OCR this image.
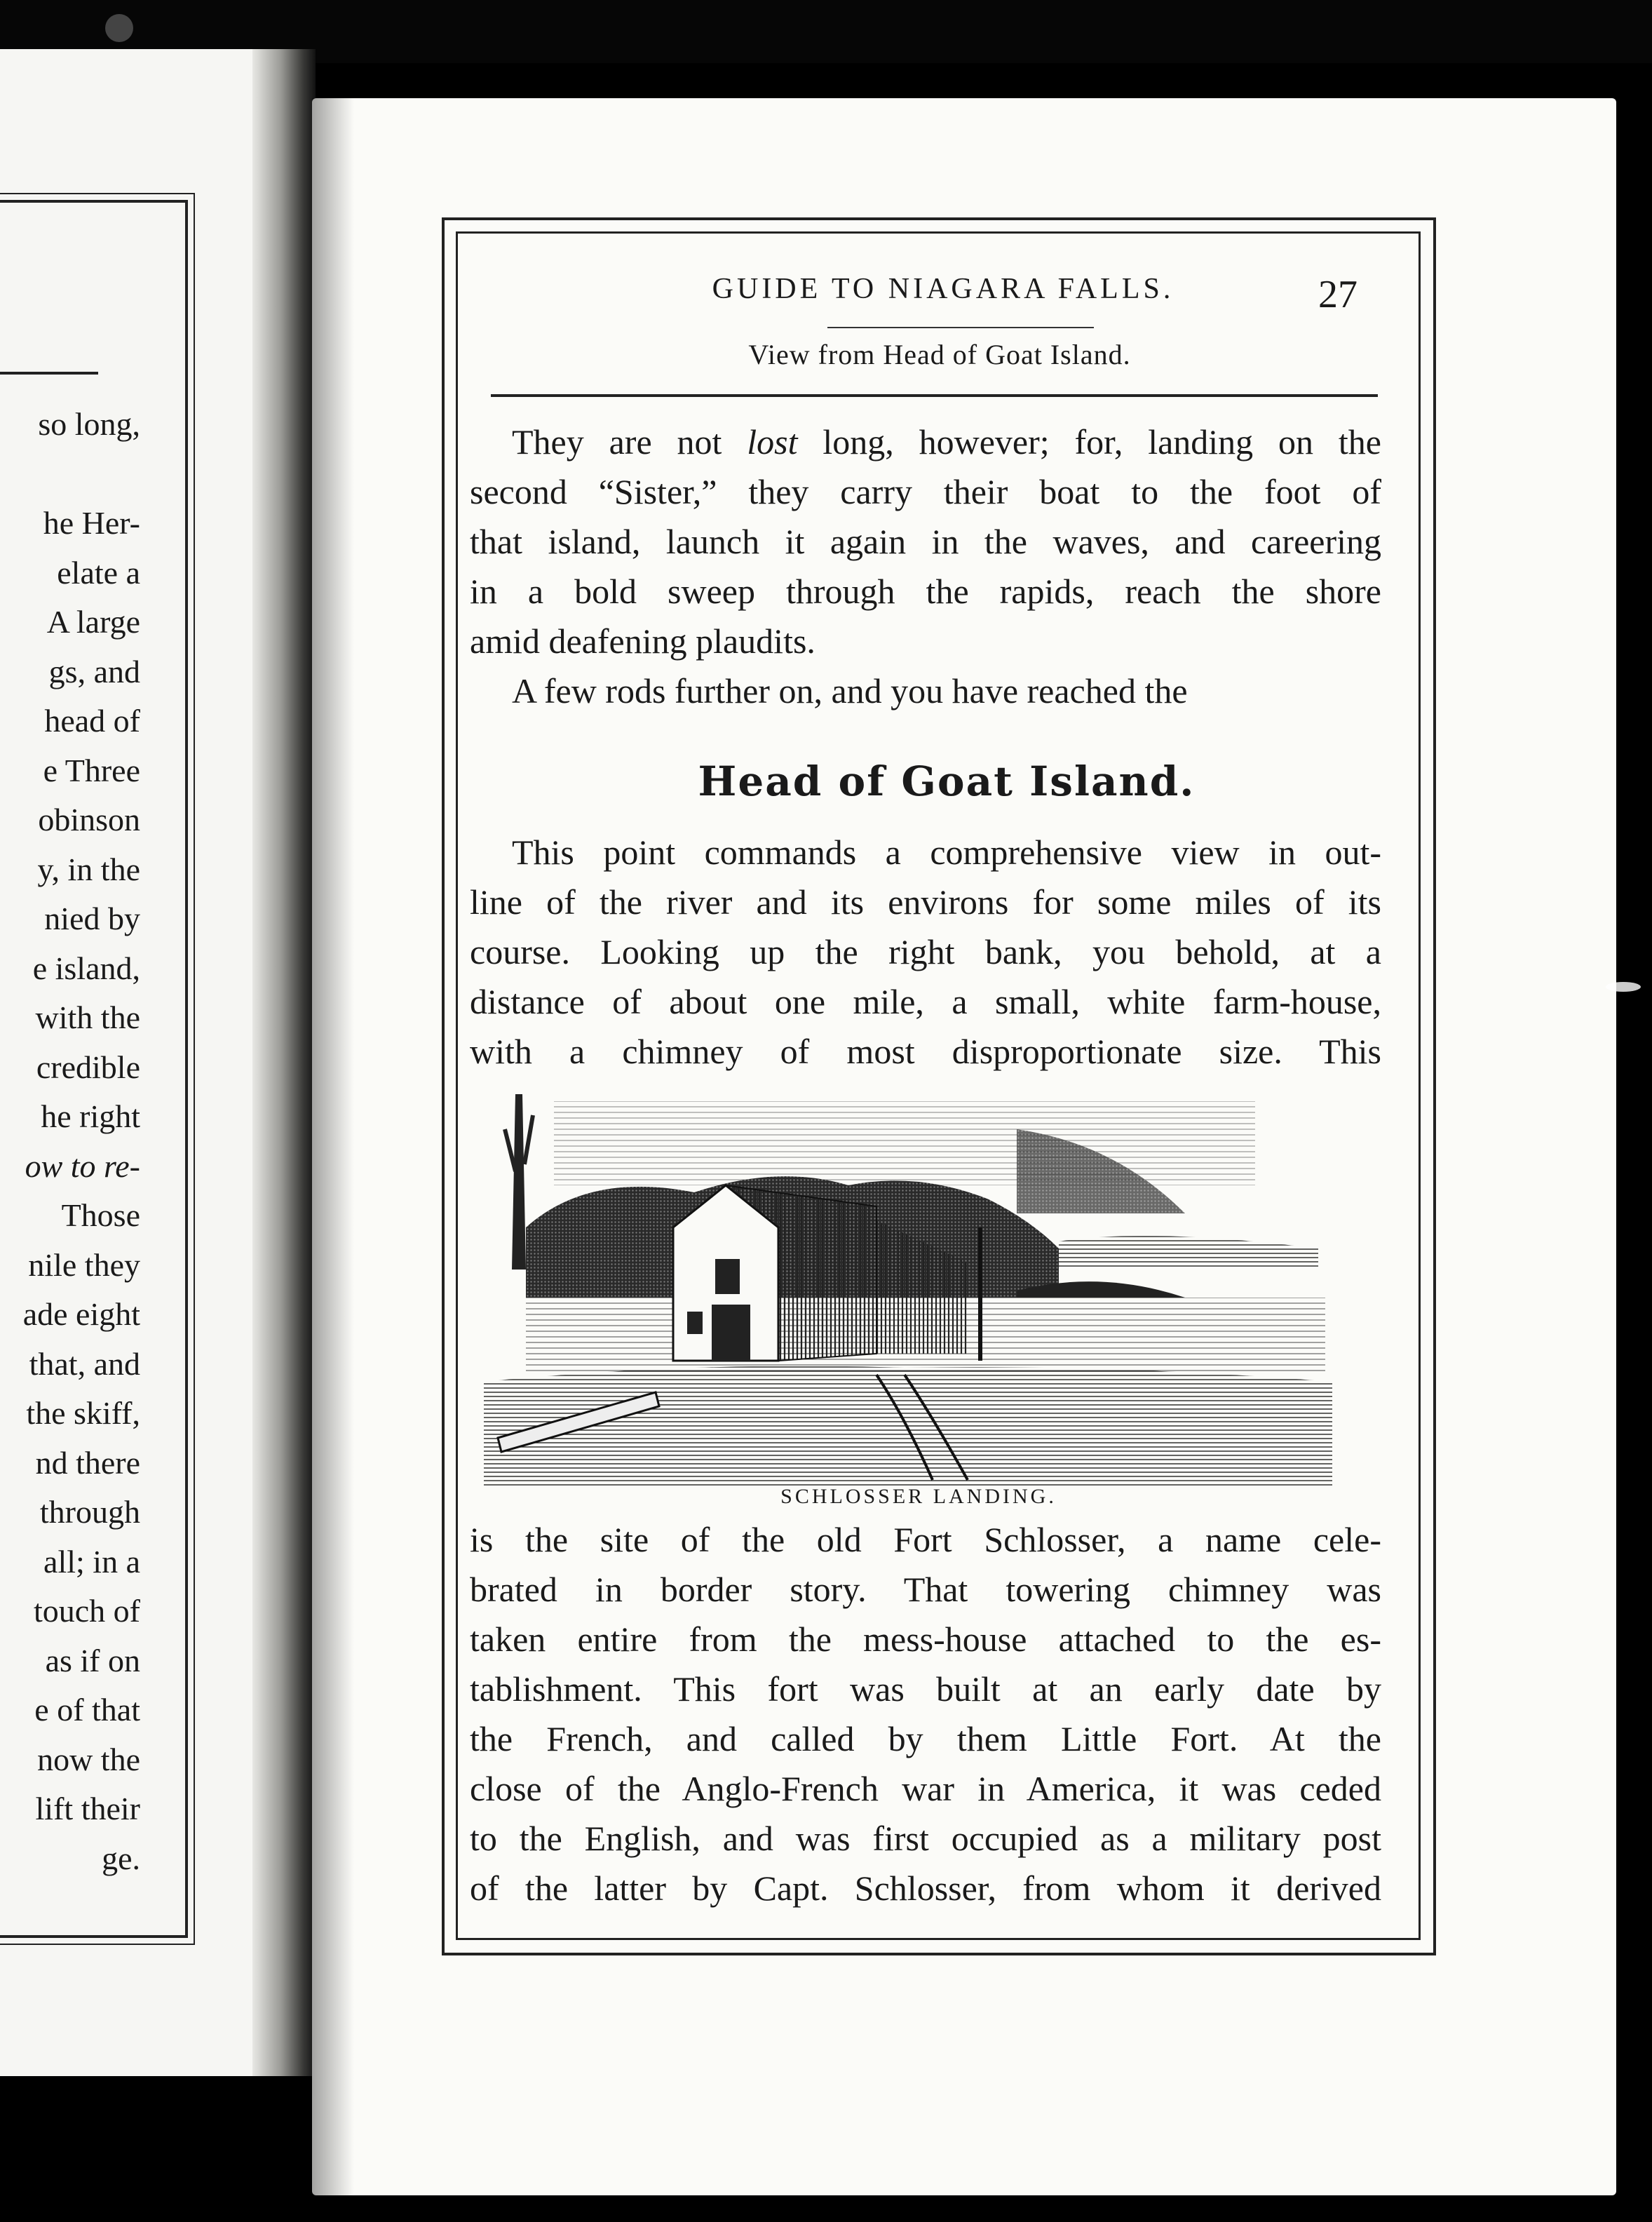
so long,

he Her-
elate a
A large
gs, and
head of
e Three
obinson
y, in the
nied by
e island,
with the
credible
he right
ow to re-
Those
nile they
ade eight
that, and
the skiff,
nd there
through
all; in a
touch of
as if on
e of that
now the
lift their
ge.
GUIDE TO NIAGARA FALLS.	27
View from Head of Goat Island.
They are not lost long, however; for, landing on the
second “Sister,” they carry their boat to the foot of
that island, launch it again in the waves, and careering
in a bold sweep through the rapids, reach the shore
amid deafening plaudits.
A few rods further on, and you have reached the
Head of Goat Island.
This point commands a comprehensive view in out-
line of the river and its environs for some miles of its
course. Looking up the right bank, you behold, at a
distance of about one mile, a small, white farm-house,
with a chimney of most disproportionate size. This
SCHLOSSER LANDING.
is the site of the old Fort Schlosser, a name cele-
brated in border story. That towering chimney was
taken entire from the mess-house attached to the es-
tablishment. This fort was built at an early date by
the French, and called by them Little Fort. At the
close of the Anglo-French war in America, it was ceded
to the English, and was first occupied as a military post
of the latter by Capt. Schlosser, from whom it derived
